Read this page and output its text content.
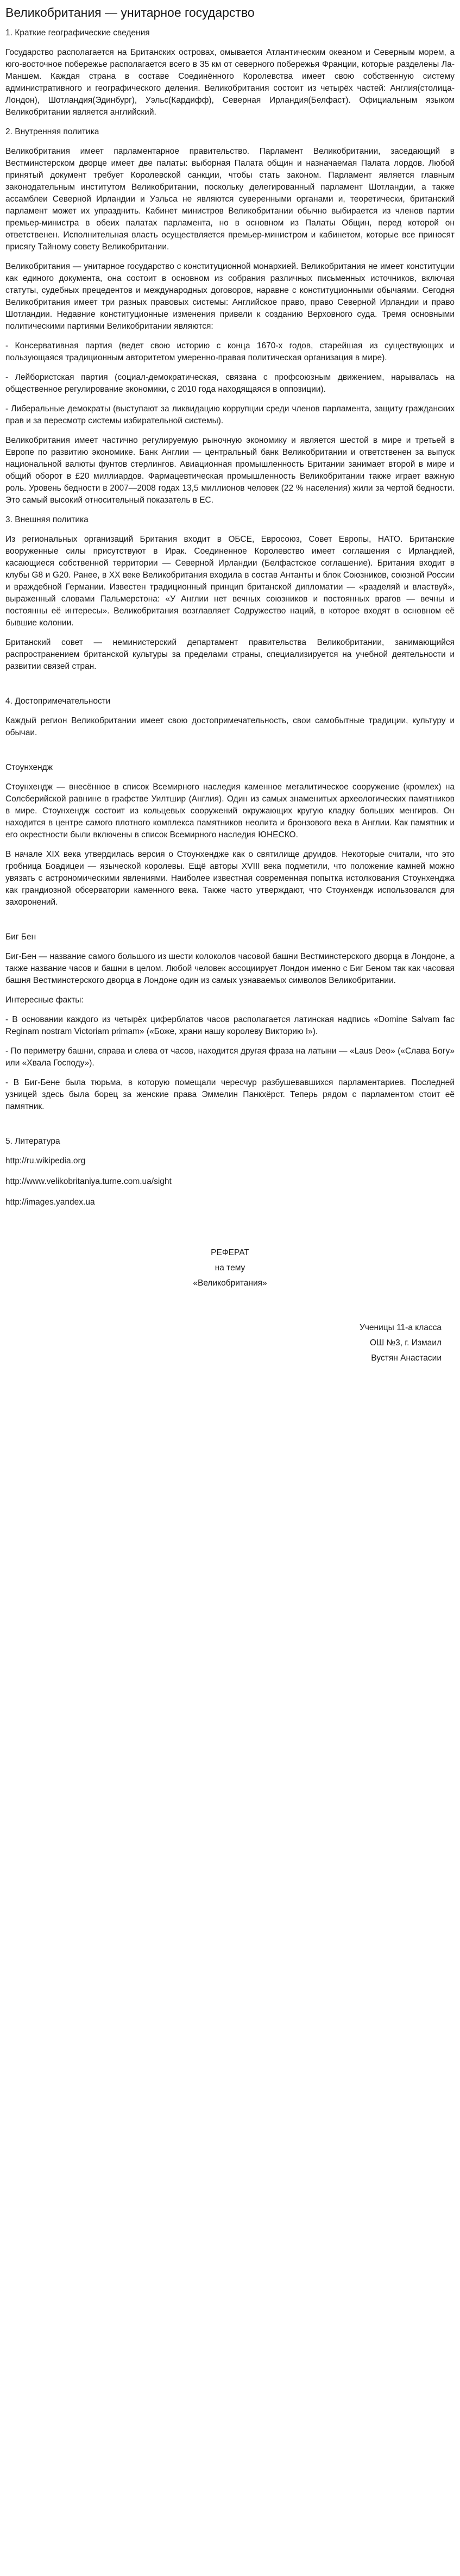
Великобритания — унитарное государство
1. Краткие географические сведения

Государство располагается на Британских островах, омывается Атлантическим океаном и Северным морем, а юго-восточное побережье располагается всего в 35 км от северного побережья Франции, которые разделены Ла-Маншем. Каждая страна в составе Соединённого Королевства имеет свою собственную систему административного и географического деления. Великобритания состоит из четырёх частей: Англия(столица- Лондон), Шотландия(Эдинбург), Уэльс(Кардифф), Северная Ирландия(Белфаст). Официальным языком Великобритании является английский.

2. Внутренняя политика

Великобритания имеет парламентарное правительство. Парламент Великобритании, заседающий в Вестминстерском дворце имеет две палаты: выборная Палата общин и назначаемая Палата лордов. Любой принятый документ требует Королевской санкции, чтобы стать законом. Парламент является главным законодательным институтом Великобритании, поскольку делегированный парламент Шотландии, а также ассамблеи Северной Ирландии и Уэльса не являются суверенными органами и, теоретически, британский парламент может их упразднить. Кабинет министров Великобритании обычно выбирается из членов партии премьер-министра в обеих палатах парламента, но в основном из Палаты Общин, перед которой он ответственен. Исполнительная власть осуществляется премьер-министром и кабинетом, которые все приносят присягу Тайному совету Великобритании.

Великобритания — унитарное государство с конституционной монархией. Великобритания не имеет конституции как единого документа, она состоит в основном из собрания различных письменных источников, включая статуты, судебных прецедентов и международных договоров, наравне с конституционными обычаями. Сегодня Великобритания имеет три разных правовых системы: Английское право, право Северной Ирландии и право Шотландии. Недавние конституционные изменения привели к созданию Верховного суда. Тремя основными политическими партиями Великобритании являются:

- Консервативная партия (ведет свою историю с конца 1670-х годов, старейшая из существующих и пользующаяся традиционным авторитетом умеренно-правая политическая организация в мире).

- Лейбористская партия (социал-демократическая, связана с профсоюзным движением, нарывалась на общественное регулирование экономики, с 2010 года находящаяся в оппозиции).

- Либеральные демократы (выступают за ликвидацию коррупции среди членов парламента, защиту гражданских прав и за пересмотр системы избирательной системы).

Великобритания имеет частично регулируемую рыночную экономику и является шестой в мире и третьей в Европе по развитию экономике. Банк Англии — центральный банк Великобритании и ответственен за выпуск национальной валюты фунтов стерлингов. Авиационная промышленность Британии занимает второй в мире и общий оборот в £20 миллиардов. Фармацевтическая промышленность Великобритании также играет важную роль. Уровень бедности в 2007—2008 годах 13,5 миллионов человек (22 % населения) жили за чертой бедности. Это самый высокий относительный показатель в ЕС.

3. Внешняя политика

Из региональных организаций Британия входит в ОБСЕ, Евросоюз, Совет Европы, НАТО. Британские вооруженные силы присутствуют в Ирак. Соединенное Королевство имеет соглашения с Ирландией, касающиеся собственной территории — Северной Ирландии (Белфастское соглашение). Британия входит в клубы G8 и G20. Ранее, в XX веке Великобритания входила в состав Антанты и блок Союзников, союзной России и враждебной Германии. Известен традиционный принцип британской дипломатии — «разделяй и властвуй», выраженный словами Пальмерстона: «У Англии нет вечных союзников и постоянных врагов — вечны и постоянны её интересы». Великобритания возглавляет Содружество наций, в которое входят в основном её бывшие колонии.

Британский совет — неминистерский департамент правительства Великобритании, занимающийся распространением британской культуры за пределами страны, специализируется на учебной деятельности и развитии связей стран.

4. Достопримечательности

Каждый регион Великобритании имеет свою достопримечательность, свои самобытные традиции, культуру и обычаи.

Стоунхендж

Стоунхендж — внесённое в список Всемирного наследия каменное мегалитическое сооружение (кромлех) на Солсберийской равнине в графстве Уилтшир (Англия). Один из самых знаменитых археологических памятников в мире. Стоунхендж состоит из кольцевых сооружений окружающих кругую кладку больших менгиров. Он находится в центре самого плотного комплекса памятников неолита и бронзового века в Англии. Как памятник и его окрестности были включены в список Всемирного наследия ЮНЕСКО.

В начале XIX века утвердилась версия о Стоунхендже как о святилище друидов. Некоторые считали, что это гробница Боадицеи — языческой королевы. Ещё авторы XVIII века подметили, что положение камней можно увязать с астрономическими явлениями. Наиболее известная современная попытка истолкования Стоунхенджа как грандиозной обсерватории каменного века. Также часто утверждают, что Стоунхендж использовался для захоронений.

Биг Бен

Биг-Бен — название самого большого из шести колоколов часовой башни Вестминстерского дворца в Лондоне, а также название часов и башни в целом. Любой человек ассоциирует Лондон именно с Биг Беном так как часовая башня Вестминстерского дворца в Лондоне один из самых узнаваемых символов Великобритании.

Интересные факты:

- В основании каждого из четырёх циферблатов часов располагается латинская надпись «Domine Salvam fac Reginam nostram Victoriam primam» («Боже, храни нашу королеву Викторию I»).

- По периметру башни, справа и слева от часов, находится другая фраза на латыни — «Laus Deo» («Слава Богу» или «Хвала Господу»).

- В Биг-Бене была тюрьма, в которую помещали чересчур разбушевавшихся парламентариев. Последней узницей здесь была борец за женские права Эммелин Панкхёрст. Теперь рядом с парламентом стоит её памятник.

5. Литература

http://ru.wikipedia.org

http://www.velikobritaniya.turne.com.ua/sight

http://images.yandex.ua

РЕФЕРАТ
на тему
«Великобритания»
Ученицы 11-а класса
ОШ №3, г. Измаил
Вустян Анастасии
